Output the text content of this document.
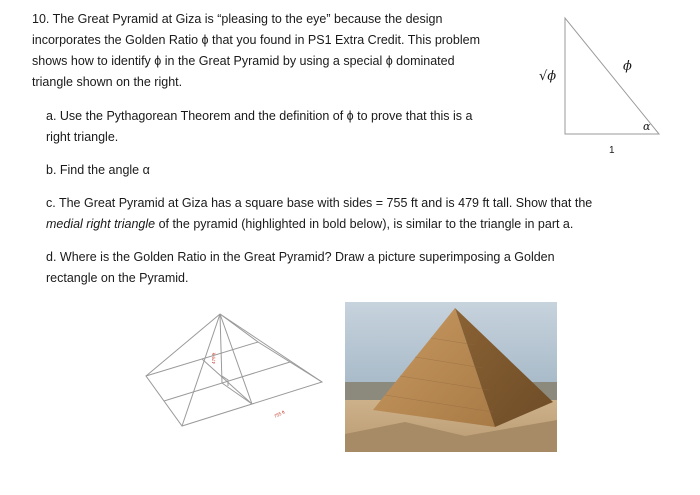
10. The Great Pyramid at Giza is “pleasing to the eye” because the design
incorporates the Golden Ratio ϕ that you found in PS1 Extra Credit. This problem
shows how to identify ϕ in the Great Pyramid by using a special ϕ dominated
triangle shown on the right.	√ϕ
ϕ
1
α
a. Use the Pythagorean Theorem and the definition of ϕ to prove that this is a
right triangle.
b. Find the angle α
c. The Great Pyramid at Giza has a square base with sides = 755 ft and is 479 ft tall. Show that the
medial right triangle of the pyramid (highlighted in bold below), is similar to the triangle in part a.
d. Where is the Golden Ratio in the Great Pyramid? Draw a picture superimposing a Golden
rectangle on the Pyramid.
479 ft
755 ft
